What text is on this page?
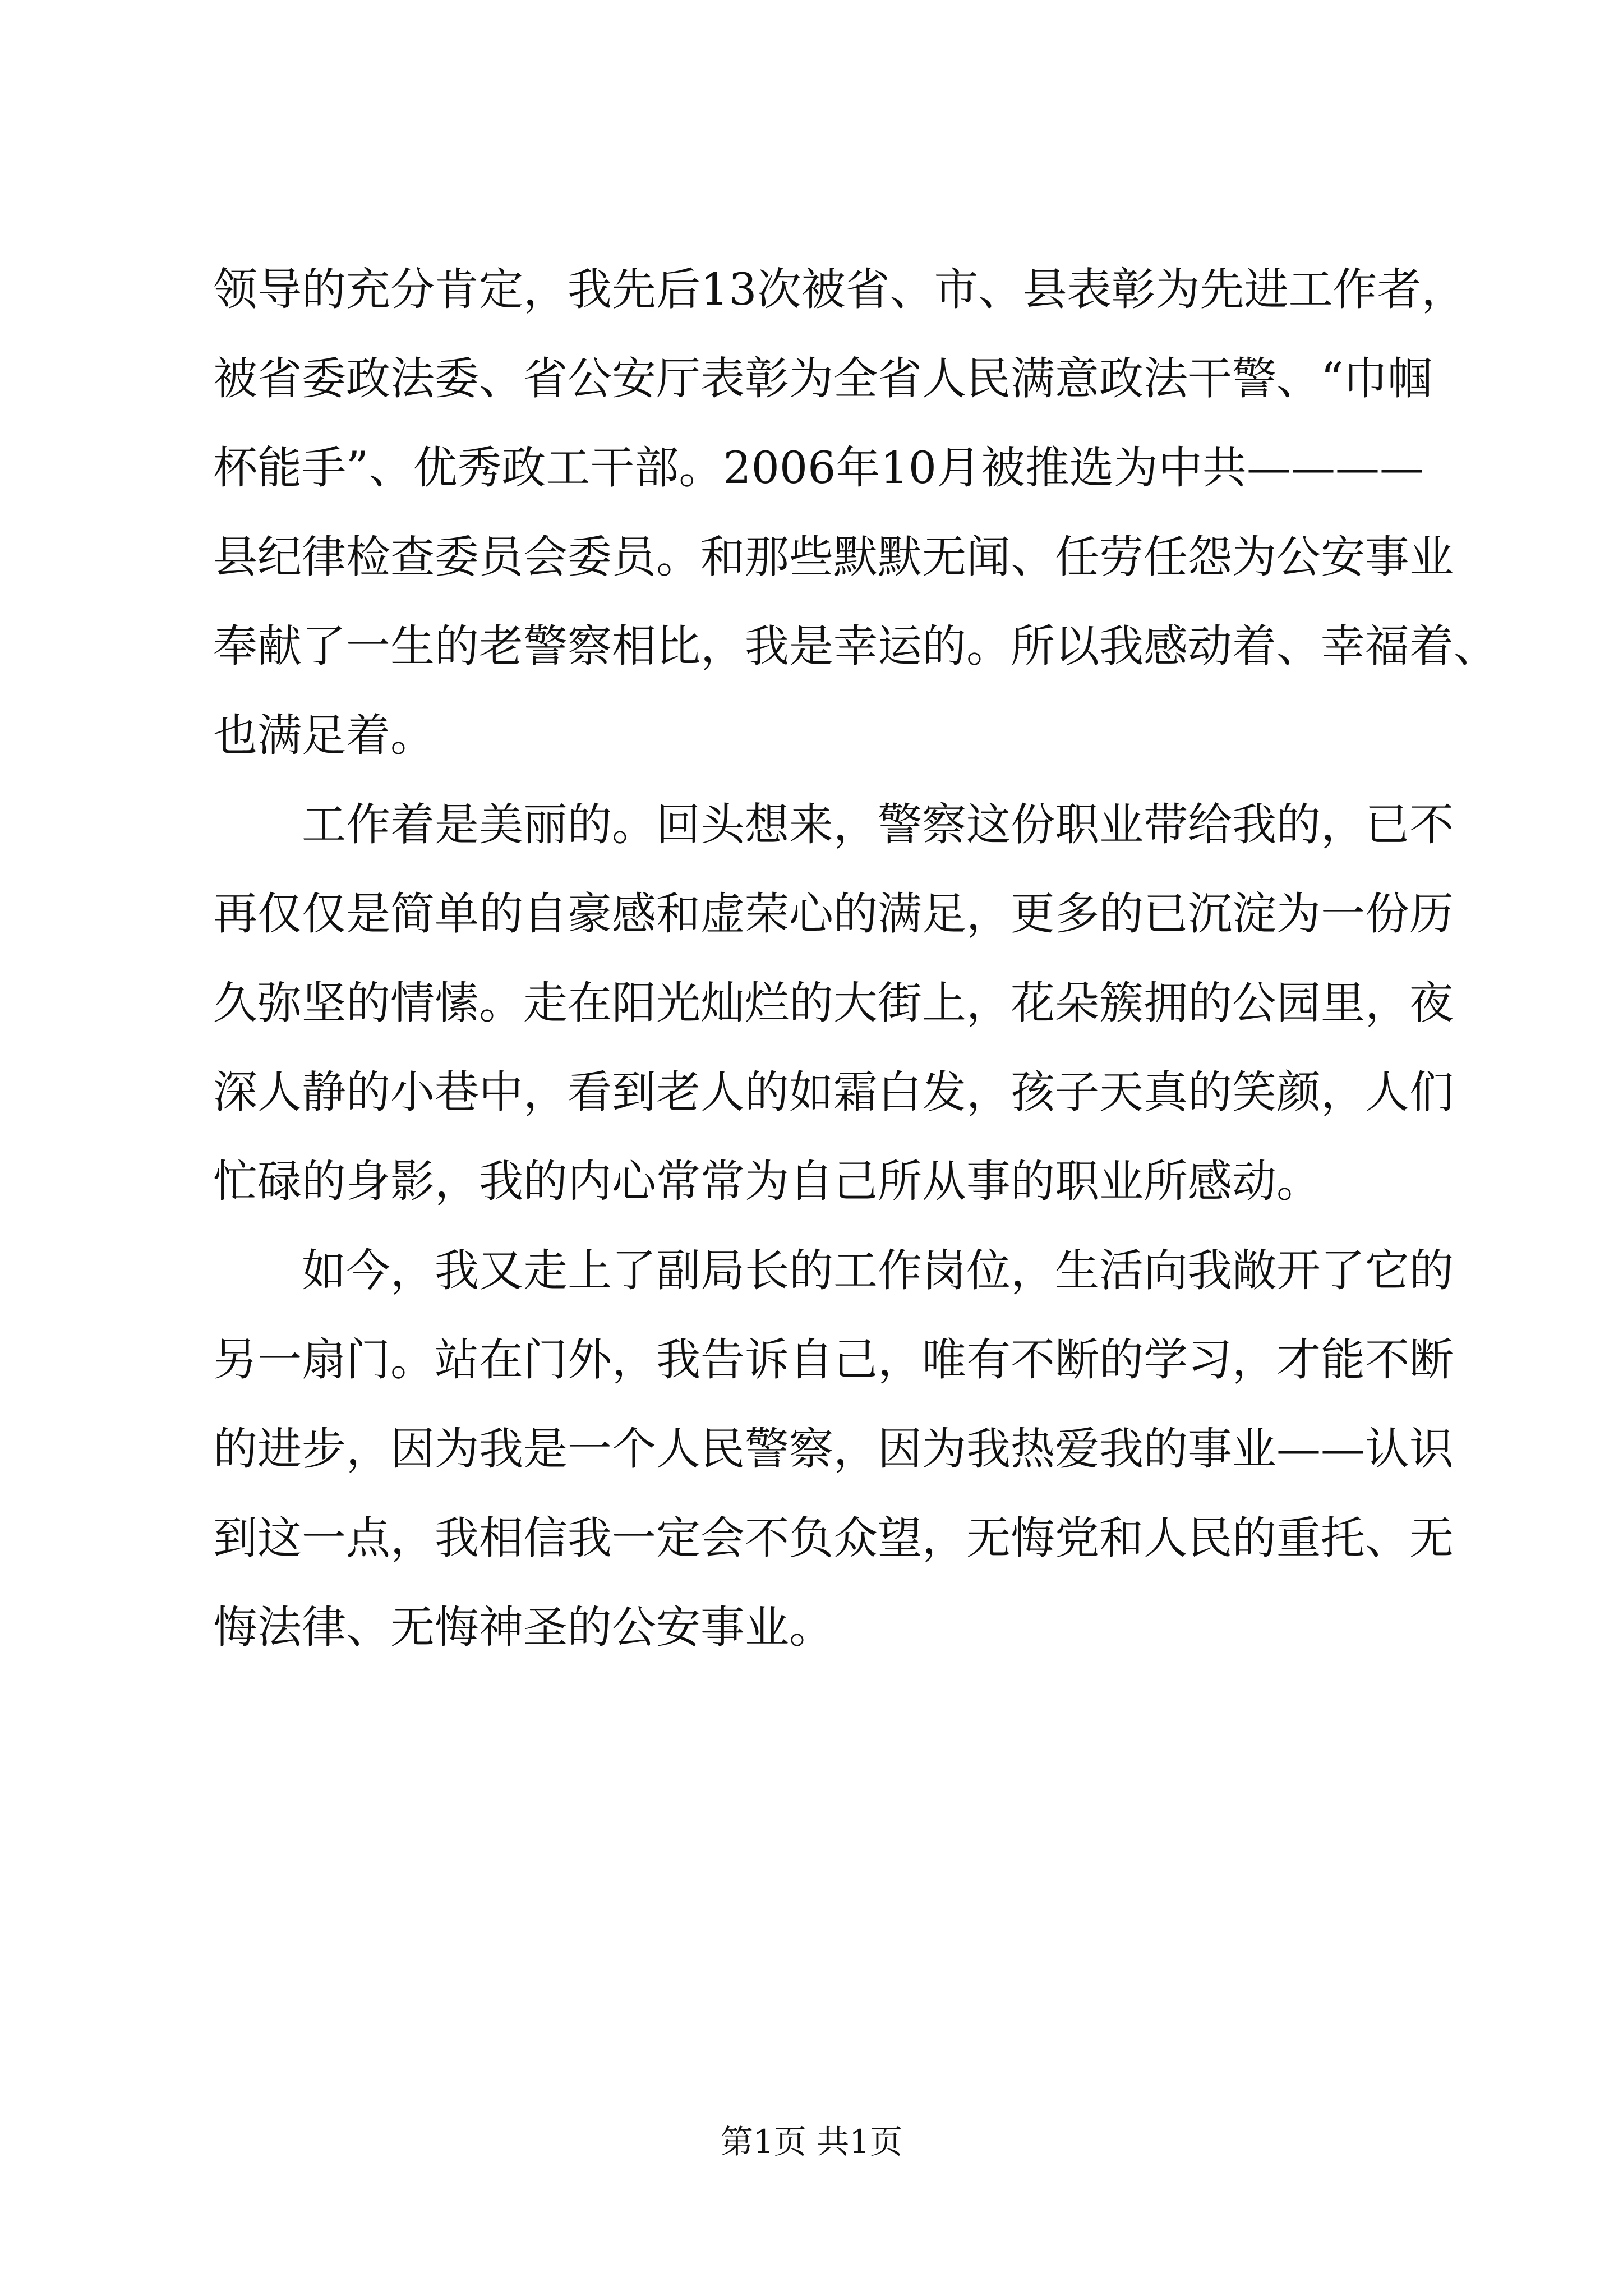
领导的充分肯定，我先后13次被省、市、县表彰为先进工作者，
被省委政法委、省公安厅表彰为全省人民满意政法干警、“巾帼
杯能手”、优秀政工干部。2006年10月被推选为中共————
县纪律检查委员会委员。和那些默默无闻、任劳任怨为公安事业
奉献了一生的老警察相比，我是幸运的。所以我感动着、幸福着、
也满足着。
工作着是美丽的。回头想来，警察这份职业带给我的，已不
再仅仅是简单的自豪感和虚荣心的满足，更多的已沉淀为一份历
久弥坚的情愫。走在阳光灿烂的大街上，花朵簇拥的公园里，夜
深人静的小巷中，看到老人的如霜白发，孩子天真的笑颜，人们
忙碌的身影，我的内心常常为自己所从事的职业所感动。
如今，我又走上了副局长的工作岗位，生活向我敞开了它的
另一扇门。站在门外，我告诉自己，唯有不断的学习，才能不断
的进步，因为我是一个人民警察，因为我热爱我的事业——认识
到这一点，我相信我一定会不负众望，无悔党和人民的重托、无
悔法律、无悔神圣的公安事业。
第1页 共1页
